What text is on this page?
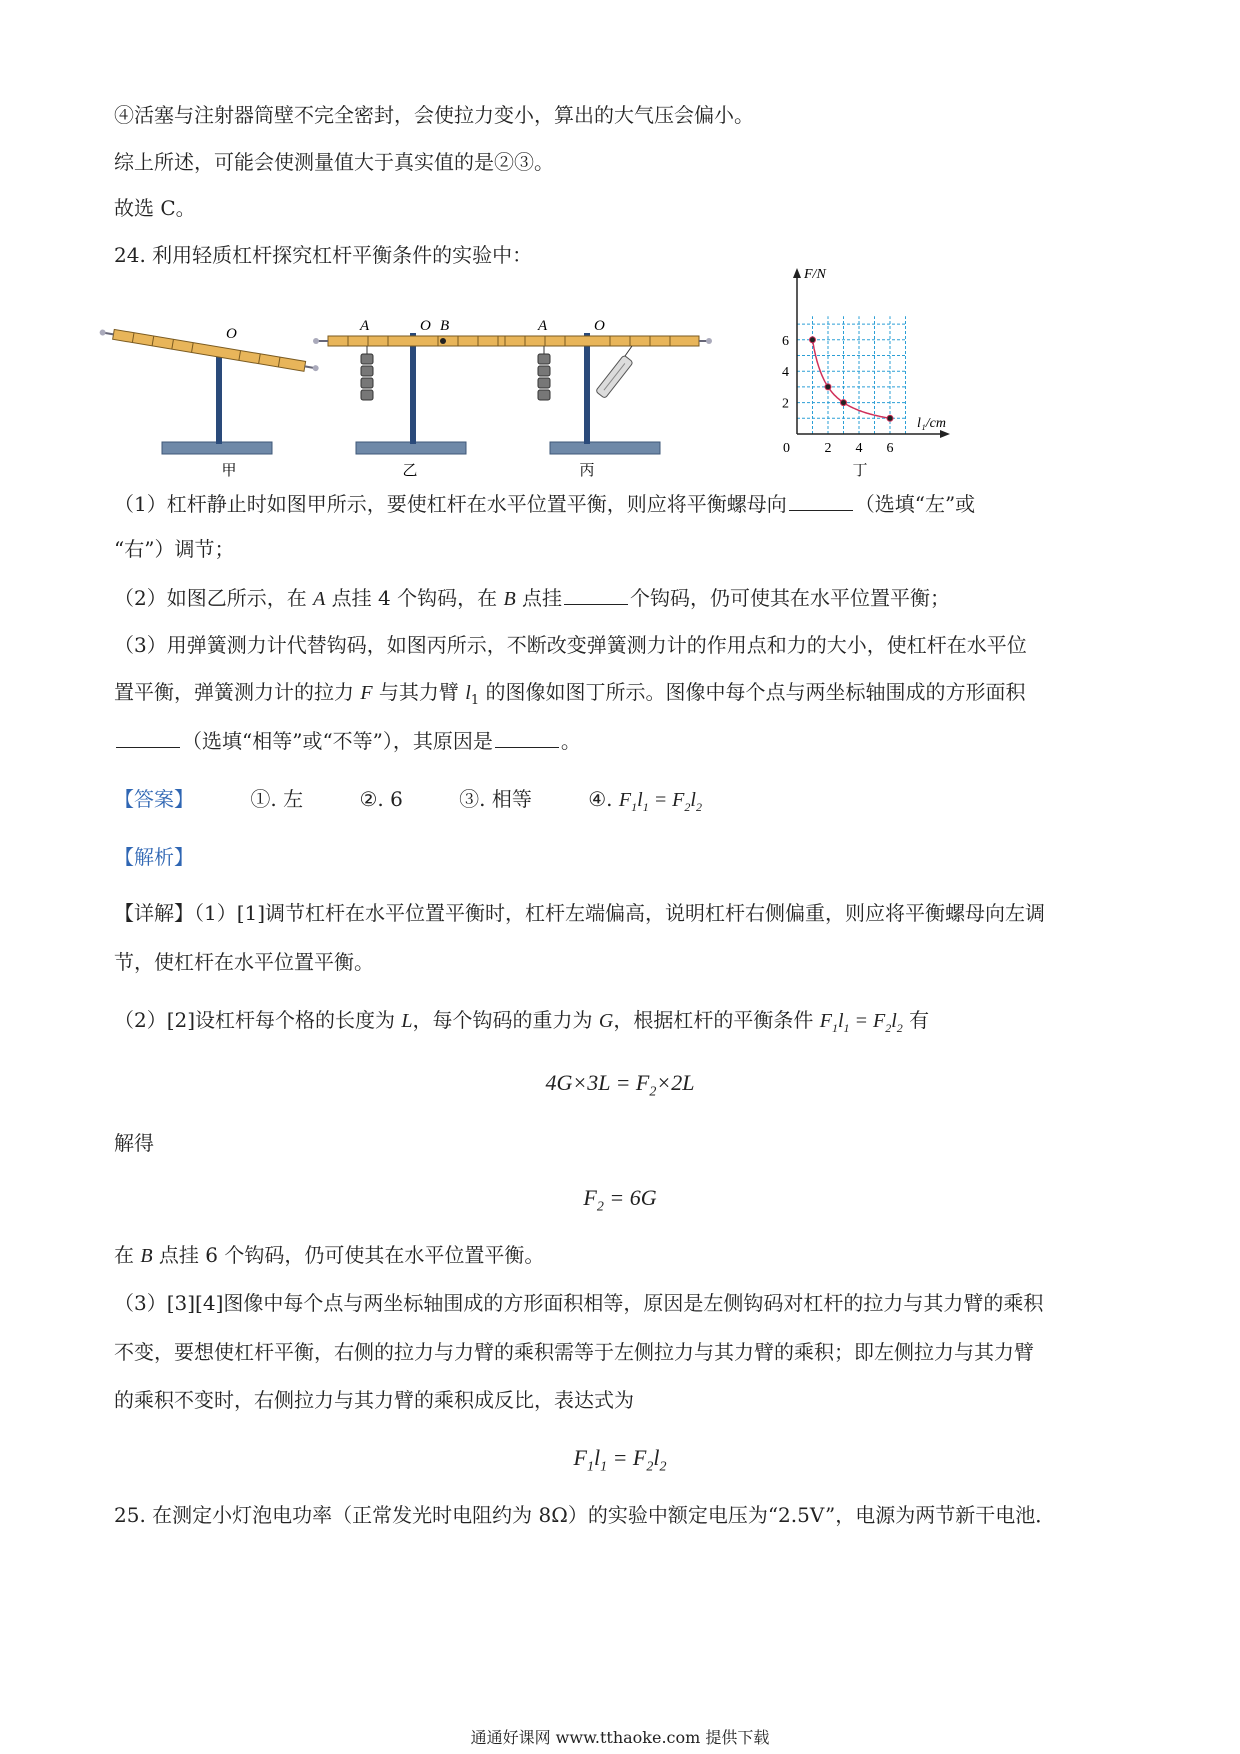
④活塞与注射器筒壁不完全密封，会使拉力变小，算出的大气压会偏小。
综上所述，可能会使测量值大于真实值的是②③。
故选 C。
24. 利用轻质杠杆探究杠杆平衡条件的实验中：
O
甲
A	O B
乙
A	O
丙
2 4 6
2
4
6
F/N
l₁/cm
0
丁
（1）杠杆静止时如图甲所示，要使杠杆在水平位置平衡，则应将平衡螺母向	（选填“左”或
“右”）调节；
（2）如图乙所示，在 A 点挂 4 个钩码，在 B 点挂	个钩码，仍可使其在水平位置平衡；
（3）用弹簧测力计代替钩码，如图丙所示，不断改变弹簧测力计的作用点和力的大小，使杠杆在水平位
置平衡，弹簧测力计的拉力 F 与其力臂 $l_1$ 的图像如图丁所示。图像中每个点与两坐标轴围成的方形面积
（选填“相等”或“不等”），其原因是	。
【答案】	①. 左	②. 6	③. 相等	④. $F_1l_1 = F_2l_2$
【解析】
【详解】（1）[1]调节杠杆在水平位置平衡时，杠杆左端偏高，说明杠杆右侧偏重，则应将平衡螺母向左调
节，使杠杆在水平位置平衡。
（2）[2]设杠杆每个格的长度为 L，每个钩码的重力为 G，根据杠杆的平衡条件 $F_1l_1 = F_2l_2$ 有
$4G\times 3L = F_2\times 2L$
解得
$F_2 = 6G$
在 B 点挂 6 个钩码，仍可使其在水平位置平衡。
（3）[3][4]图像中每个点与两坐标轴围成的方形面积相等，原因是左侧钩码对杠杆的拉力与其力臂的乘积
不变，要想使杠杆平衡，右侧的拉力与力臂的乘积需等于左侧拉力与其力臂的乘积；即左侧拉力与其力臂
的乘积不变时，右侧拉力与其力臂的乘积成反比，表达式为
$F_1l_1 = F_2l_2$
25. 在测定小灯泡电功率（正常发光时电阻约为 8Ω）的实验中额定电压为“2.5V”，电源为两节新干电池．
通通好课网 www.tthaoke.com 提供下载
